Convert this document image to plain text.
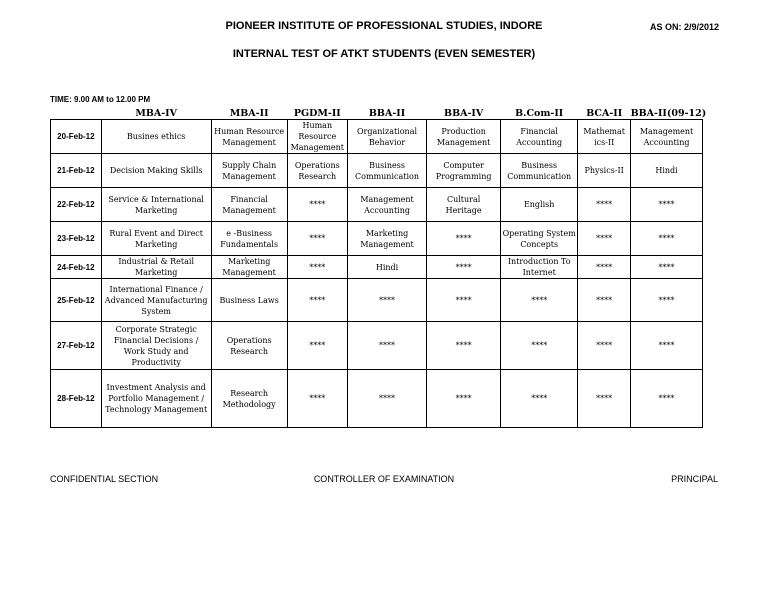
PIONEER INSTITUTE OF PROFESSIONAL STUDIES, INDORE	AS ON: 2/9/2012
INTERNAL TEST OF ATKT STUDENTS (EVEN SEMESTER)
TIME: 9.00 AM to 12.00 PM
	MBA-IV	MBA-II	PGDM-II	BBA-II	BBA-IV	B.Com-II	BCA-II	BBA-II(09-12)
20-Feb-12	Busines ethics	Human Resource Management	Human Resource Management	Organizational Behavior	Production Management	Financial Accounting	Mathemat ics-II	Management Accounting
21-Feb-12	Decision Making Skills	Supply Chain Management	Operations Research	Business Communication	Computer Programming	Business Communication	Physics-II	Hindi
22-Feb-12	Service & International Marketing	Financial Management	****	Management Accounting	Cultural Heritage	English	****	****
23-Feb-12	Rural Event and Direct Marketing	e -Business Fundamentals	****	Marketing Management	****	Operating System Concepts	****	****
24-Feb-12	Industrial & Retail Marketing	Marketing Management	****	Hindi	****	Introduction To Internet	****	****
25-Feb-12	International Finance / Advanced Manufacturing System	Business Laws	****	****	****	****	****	****
27-Feb-12	Corporate Strategic Financial Decisions / Work Study and Productivity	Operations Research	****	****	****	****	****	****
28-Feb-12	Investment Analysis and Portfolio Management / Technology Management	Research Methodology	****	****	****	****	****	****
CONFIDENTIAL SECTION	CONTROLLER OF EXAMINATION	PRINCIPAL
